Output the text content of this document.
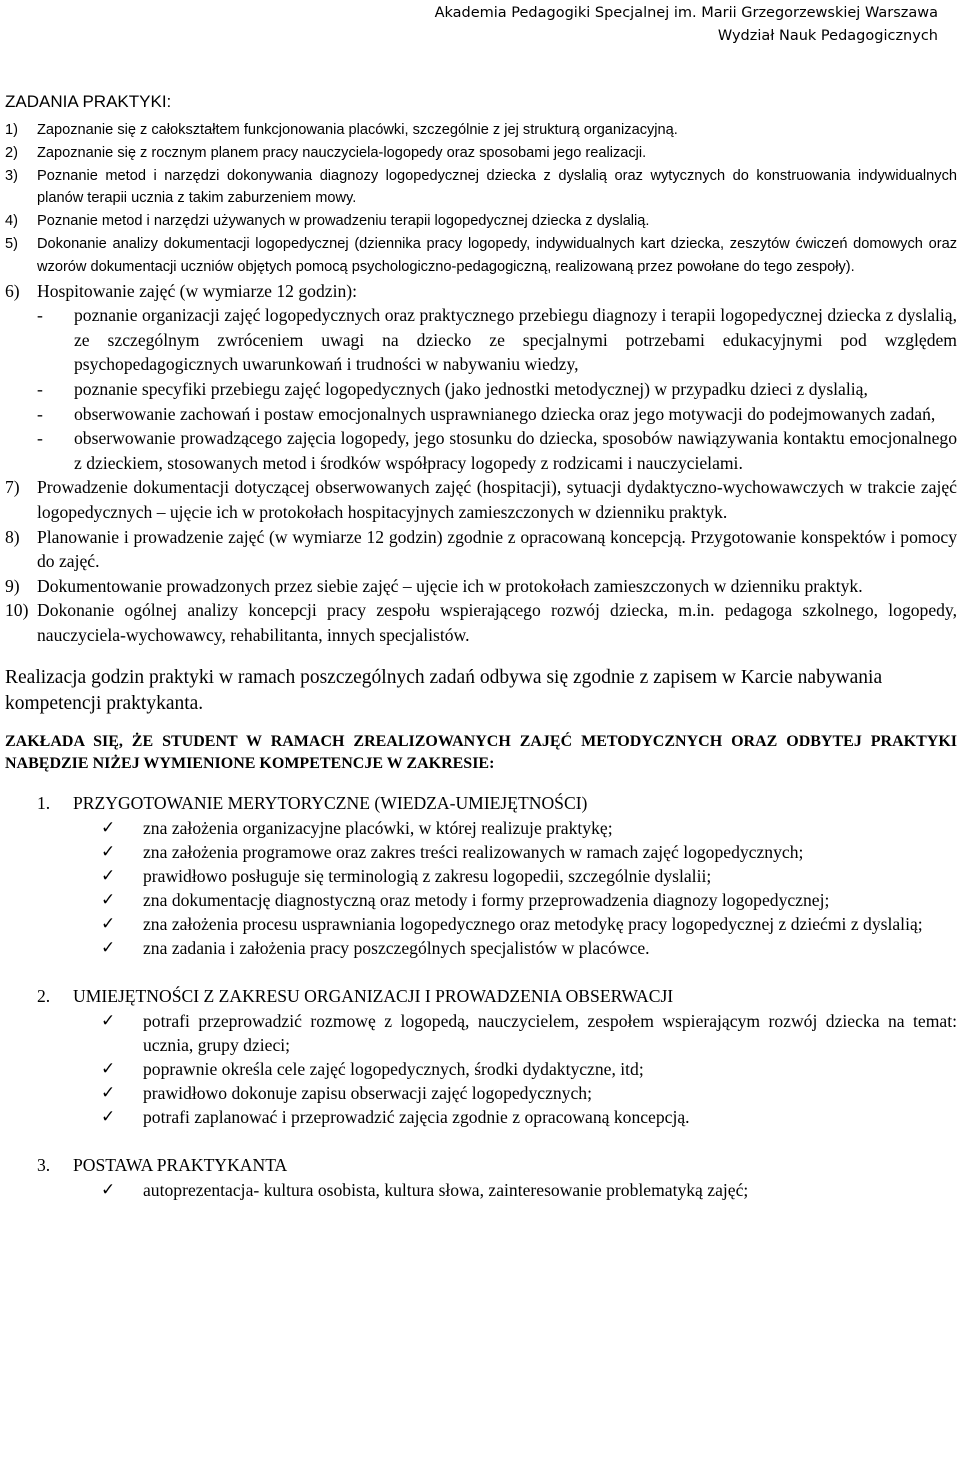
Akademia Pedagogiki Specjalnej im. Marii Grzegorzewskiej Warszawa
Wydział Nauk Pedagogicznych
ZADANIA PRAKTYKI:
1)	Zapoznanie się z całokształtem funkcjonowania placówki, szczególnie z jej strukturą organizacyjną.
2)	Zapoznanie się z rocznym planem pracy nauczyciela-logopedy oraz sposobami jego realizacji.
3)	Poznanie metod i narzędzi dokonywania diagnozy logopedycznej dziecka z dyslalią oraz wytycznych do konstruowania indywidualnych planów terapii ucznia z takim zaburzeniem mowy.
4)	Poznanie metod i narzędzi używanych w prowadzeniu terapii logopedycznej dziecka z dyslalią.
5)	Dokonanie analizy dokumentacji logopedycznej (dziennika pracy logopedy, indywidualnych kart dziecka, zeszytów ćwiczeń domowych oraz wzorów dokumentacji uczniów objętych pomocą psychologiczno-pedagogiczną, realizowaną przez powołane do tego zespoły).
6) Hospitowanie zajęć (w wymiarze 12 godzin):
-	poznanie organizacji zajęć logopedycznych oraz praktycznego przebiegu diagnozy i terapii logopedycznej dziecka z dyslalią, ze szczególnym zwróceniem uwagi na dziecko ze specjalnymi potrzebami edukacyjnymi pod względem psychopedagogicznych uwarunkowań i trudności w nabywaniu wiedzy,
-	poznanie specyfiki przebiegu zajęć logopedycznych (jako jednostki metodycznej) w przypadku dzieci z dyslalią,
-	obserwowanie zachowań i postaw emocjonalnych usprawnianego dziecka oraz jego motywacji do podejmowanych zadań,
-	obserwowanie prowadzącego zajęcia logopedy, jego stosunku do dziecka, sposobów nawiązywania kontaktu emocjonalnego z dzieckiem, stosowanych metod i środków współpracy logopedy z rodzicami i nauczycielami.
7) Prowadzenie dokumentacji dotyczącej obserwowanych zajęć (hospitacji), sytuacji dydaktyczno-wychowawczych w trakcie zajęć logopedycznych – ujęcie ich w protokołach hospitacyjnych zamieszczonych w dzienniku praktyk.
8) Planowanie i prowadzenie zajęć (w wymiarze 12 godzin) zgodnie z opracowaną koncepcją. Przygotowanie konspektów i pomocy do zajęć.
9) Dokumentowanie prowadzonych przez siebie zajęć – ujęcie ich w protokołach zamieszczonych w dzienniku praktyk.
10) Dokonanie ogólnej analizy koncepcji pracy zespołu wspierającego rozwój dziecka, m.in. pedagoga szkolnego, logopedy, nauczyciela-wychowawcy, rehabilitanta, innych specjalistów.
Realizacja godzin praktyki w ramach poszczególnych zadań odbywa się zgodnie z zapisem w Karcie nabywania kompetencji praktykanta.
ZAKŁADA SIĘ, ŻE STUDENT W RAMACH ZREALIZOWANYCH ZAJĘĆ METODYCZNYCH ORAZ ODBYTEJ PRAKTYKI NABĘDZIE NIŻEJ WYMIENIONE KOMPETENCJE W ZAKRESIE:
1.	PRZYGOTOWANIE MERYTORYCZNE (WIEDZA-UMIEJĘTNOŚCI)
✓	zna założenia organizacyjne placówki, w której realizuje praktykę;
✓	zna założenia programowe oraz zakres treści realizowanych w ramach zajęć logopedycznych;
✓	prawidłowo posługuje się terminologią z zakresu logopedii, szczególnie dyslalii;
✓	zna dokumentację diagnostyczną oraz metody i formy przeprowadzenia diagnozy logopedycznej;
✓	zna założenia procesu usprawniania logopedycznego oraz metodykę pracy logopedycznej z dziećmi z dyslalią;
✓	zna zadania i założenia pracy poszczególnych specjalistów w placówce.
2.	UMIEJĘTNOŚCI Z ZAKRESU ORGANIZACJI I PROWADZENIA OBSERWACJI
✓	potrafi przeprowadzić rozmowę z logopedą, nauczycielem, zespołem wspierającym rozwój dziecka na temat: ucznia, grupy dzieci;
✓	poprawnie określa cele zajęć logopedycznych, środki dydaktyczne, itd;
✓	prawidłowo dokonuje zapisu obserwacji zajęć logopedycznych;
✓	potrafi zaplanować i przeprowadzić zajęcia zgodnie z opracowaną koncepcją.
3.	POSTAWA PRAKTYKANTA
✓	autoprezentacja- kultura osobista, kultura słowa, zainteresowanie problematyką zajęć;
